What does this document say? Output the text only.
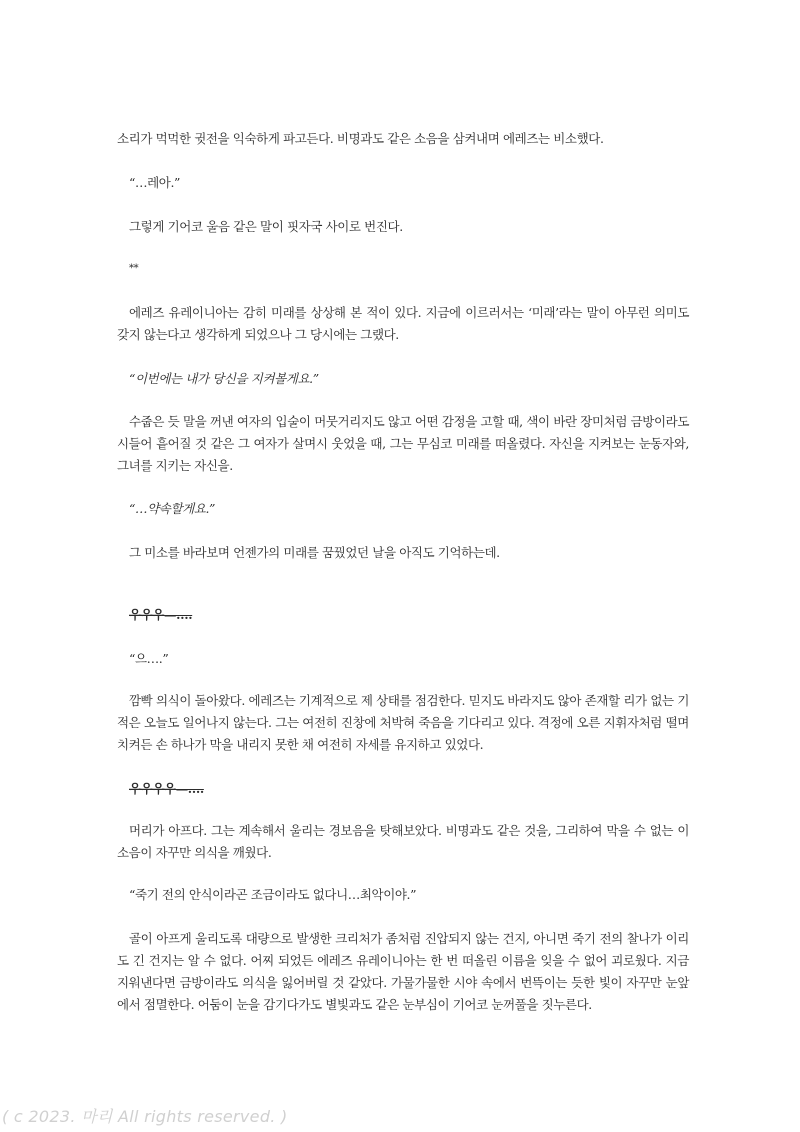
소리가 먹먹한 귓전을 익숙하게 파고든다. 비명과도 같은 소음을 삼켜내며 에레즈는 비소했다.

“…레아.”

그렇게 기어코 울음 같은 말이 핏자국 사이로 번진다.

**

에레즈 유레이니아는 감히 미래를 상상해 본 적이 있다. 지금에 이르러서는 ‘미래’라는 말이 아무런 의미도 갖지 않는다고 생각하게 되었으나 그 당시에는 그랬다.

“이번에는 내가 당신을 지켜볼게요.”

수줍은 듯 말을 꺼낸 여자의 입술이 머뭇거리지도 않고 어떤 감정을 고할 때, 색이 바란 장미처럼 금방이라도 시들어 흩어질 것 같은 그 여자가 살며시 웃었을 때, 그는 무심코 미래를 떠올렸다. 자신을 지켜보는 눈동자와, 그녀를 지키는 자신을.

“…약속할게요.”

그 미소를 바라보며 언젠가의 미래를 꿈꿨었던 날을 아직도 기억하는데.

우우우—….

“으….”

깜빡 의식이 돌아왔다. 에레즈는 기계적으로 제 상태를 점검한다. 믿지도 바라지도 않아 존재할 리가 없는 기적은 오늘도 일어나지 않는다. 그는 여전히 진창에 처박혀 죽음을 기다리고 있다. 격정에 오른 지휘자처럼 떨며 치켜든 손 하나가 막을 내리지 못한 채 여전히 자세를 유지하고 있었다.

우우우우—….

머리가 아프다. 그는 계속해서 울리는 경보음을 탓해보았다. 비명과도 같은 것을, 그리하여 막을 수 없는 이 소음이 자꾸만 의식을 깨웠다.

“죽기 전의 안식이라곤 조금이라도 없다니…최악이야.”

골이 아프게 울리도록 대량으로 발생한 크리처가 좀처럼 진압되지 않는 건지, 아니면 죽기 전의 찰나가 이리도 긴 건지는 알 수 없다. 어찌 되었든 에레즈 유레이니아는 한 번 떠올린 이름을 잊을 수 없어 괴로웠다. 지금 지워낸다면 금방이라도 의식을 잃어버릴 것 같았다. 가물가물한 시야 속에서 번뜩이는 듯한 빛이 자꾸만 눈앞에서 점멸한다. 어둠이 눈을 감기다가도 별빛과도 같은 눈부심이 기어코 눈꺼풀을 짓누른다.

( c 2023. 마리 All rights reserved. )
